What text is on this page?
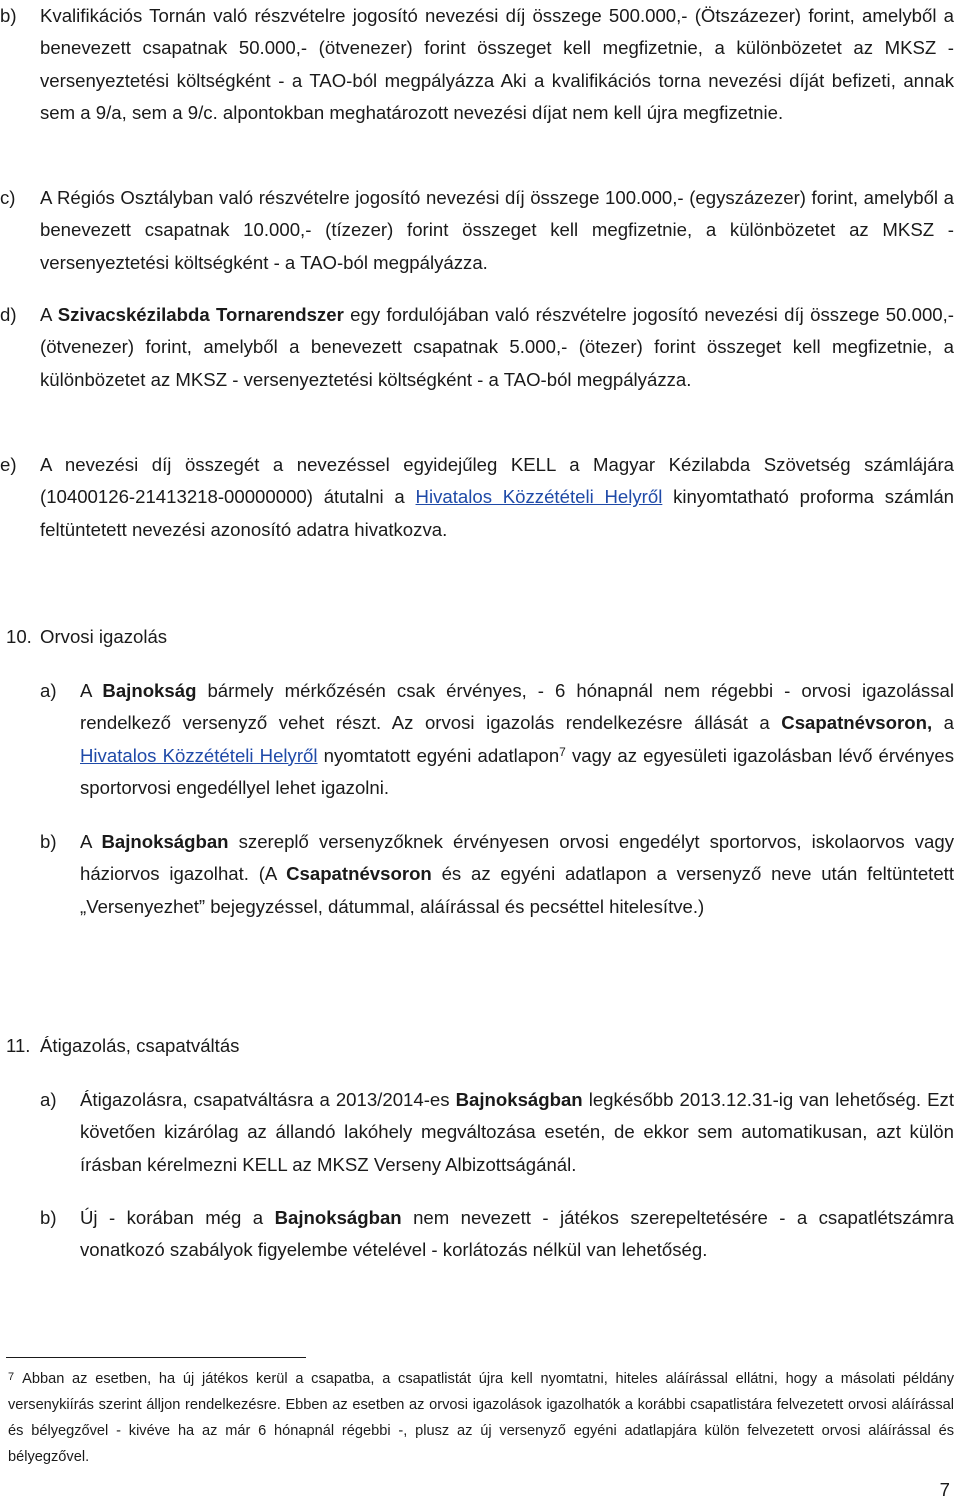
b) Kvalifikációs Tornán való részvételre jogosító nevezési díj összege 500.000,- (Ötszázezer) forint, amelyből a benevezett csapatnak 50.000,- (ötvenezer) forint összeget kell megfizetnie, a különbözetet az MKSZ - versenyeztetési költségként - a TAO-ból megpályázza Aki a kvalifikációs torna nevezési díját befizeti, annak sem a 9/a, sem a 9/c. alpontokban meghatározott nevezési díjat nem kell újra megfizetnie.
c) A Régiós Osztályban való részvételre jogosító nevezési díj összege 100.000,- (egyszázezer) forint, amelyből a benevezett csapatnak 10.000,- (tízezer) forint összeget kell megfizetnie, a különbözetet az MKSZ - versenyeztetési költségként - a TAO-ból megpályázza.
d) A Szivacskézilabda Tornarendszer egy fordulójában való részvételre jogosító nevezési díj összege 50.000,- (ötvenezer) forint, amelyből a benevezett csapatnak 5.000,- (ötezer) forint összeget kell megfizetnie, a különbözetet az MKSZ - versenyeztetési költségként - a TAO-ból megpályázza.
e) A nevezési díj összegét a nevezéssel egyidejűleg KELL a Magyar Kézilabda Szövetség számlájára (10400126-21413218-00000000) átutalni a Hivatalos Közzétételi Helyről kinyomtatható proforma számlán feltüntetett nevezési azonosító adatra hivatkozva.
10. Orvosi igazolás
a) A Bajnokság bármely mérkőzésén csak érvényes, - 6 hónapnál nem régebbi - orvosi igazolással rendelkező versenyző vehet részt. Az orvosi igazolás rendelkezésre állását a Csapatnévsoron, a Hivatalos Közzétételi Helyről nyomtatott egyéni adatlapon$^7$ vagy az egyesületi igazolásban lévő érvényes sportorvosi engedéllyel lehet igazolni.
b) A Bajnokságban szereplő versenyzőknek érvényesen orvosi engedélyt sportorvos, iskolaorvos vagy háziorvos igazolhat. (A Csapatnévsoron és az egyéni adatlapon a versenyző neve után feltüntetett „Versenyezhet” bejegyzéssel, dátummal, aláírással és pecséttel hitelesítve.)
11. Átigazolás, csapatváltás
a) Átigazolásra, csapatváltásra a 2013/2014-es Bajnokságban legkésőbb 2013.12.31-ig van lehetőség. Ezt követően kizárólag az állandó lakóhely megváltozása esetén, de ekkor sem automatikusan, azt külön írásban kérelmezni KELL az MKSZ Verseny Albizottságánál.
b) Új - korában még a Bajnokságban nem nevezett - játékos szerepeltetésére - a csapatlétszámra vonatkozó szabályok figyelembe vételével - korlátozás nélkül van lehetőség.
$^7$ Abban az esetben, ha új játékos kerül a csapatba, a csapatlistát újra kell nyomtatni, hiteles aláírással ellátni, hogy a másolati példány versenykiírás szerint álljon rendelkezésre. Ebben az esetben az orvosi igazolások igazolhatók a korábbi csapatlistára felvezetett orvosi aláírással és bélyegzővel - kivéve ha az már 6 hónapnál régebbi -, plusz az új versenyző egyéni adatlapjára külön felvezetett orvosi aláírással és bélyegzővel.
7
